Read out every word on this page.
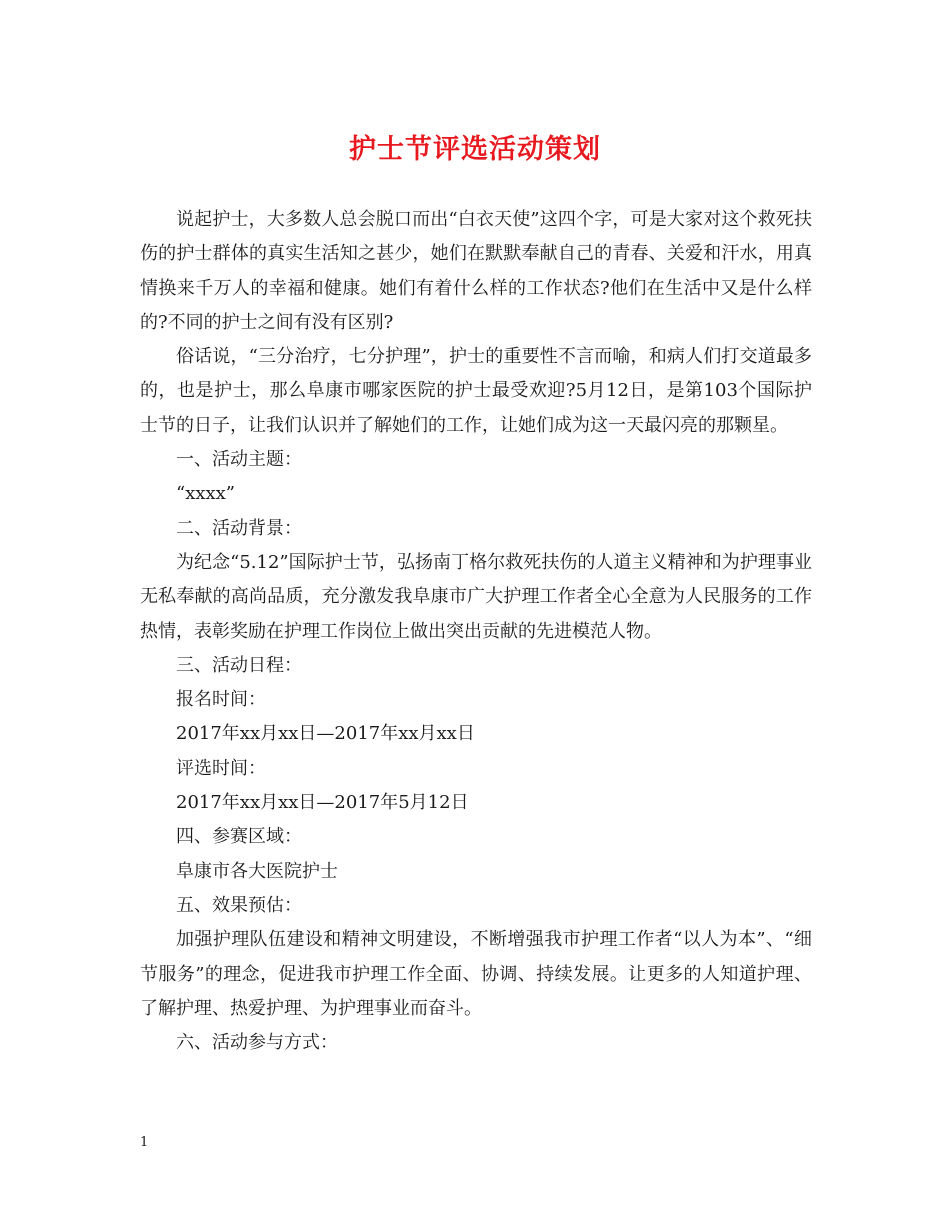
护士节评选活动策划

说起护士，大多数人总会脱口而出“白衣天使”这四个字，可是大家对这个救死扶伤的护士群体的真实生活知之甚少，她们在默默奉献自己的青春、关爱和汗水，用真情换来千万人的幸福和健康。她们有着什么样的工作状态?他们在生活中又是什么样的?不同的护士之间有没有区别?

俗话说，“三分治疗，七分护理”，护士的重要性不言而喻，和病人们打交道最多的，也是护士，那么阜康市哪家医院的护士最受欢迎?5月12日，是第103个国际护士节的日子，让我们认识并了解她们的工作，让她们成为这一天最闪亮的那颗星。

一、活动主题：

“xxxx”

二、活动背景：

为纪念“5.12”国际护士节，弘扬南丁格尔救死扶伤的人道主义精神和为护理事业无私奉献的高尚品质，充分激发我阜康市广大护理工作者全心全意为人民服务的工作热情，表彰奖励在护理工作岗位上做出突出贡献的先进模范人物。

三、活动日程：

报名时间：

2017年xx月xx日—2017年xx月xx日

评选时间：

2017年xx月xx日—2017年5月12日

四、参赛区域：

阜康市各大医院护士

五、效果预估：

加强护理队伍建设和精神文明建设，不断增强我市护理工作者“以人为本”、“细节服务”的理念，促进我市护理工作全面、协调、持续发展。让更多的人知道护理、了解护理、热爱护理、为护理事业而奋斗。

六、活动参与方式：

1
